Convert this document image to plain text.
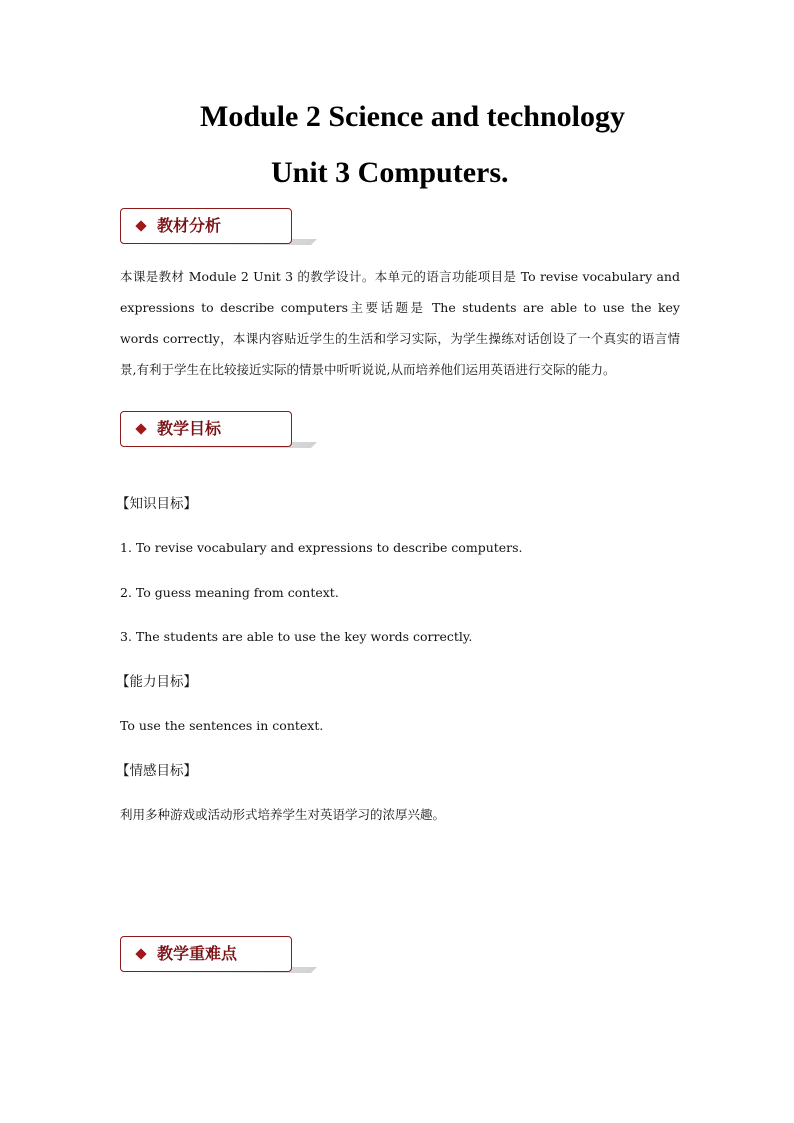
Module 2 Science and technology
Unit 3 Computers.
教材分析

本课是教材 Module 2 Unit 3 的教学设计。本单元的语言功能项目是 To revise vocabulary and expressions to describe computers主要话题是 The students are able to use the key words correctly，本课内容贴近学生的生活和学习实际，为学生操练对话创设了一个真实的语言情景,有利于学生在比较接近实际的情景中听听说说,从而培养他们运用英语进行交际的能力。

教学目标
【知识目标】
1. To revise vocabulary and expressions to describe computers.
2. To guess meaning from context.
3. The students are able to use the key words correctly.
【能力目标】
To use the sentences in context.
【情感目标】
利用多种游戏或活动形式培养学生对英语学习的浓厚兴趣。
教学重难点
